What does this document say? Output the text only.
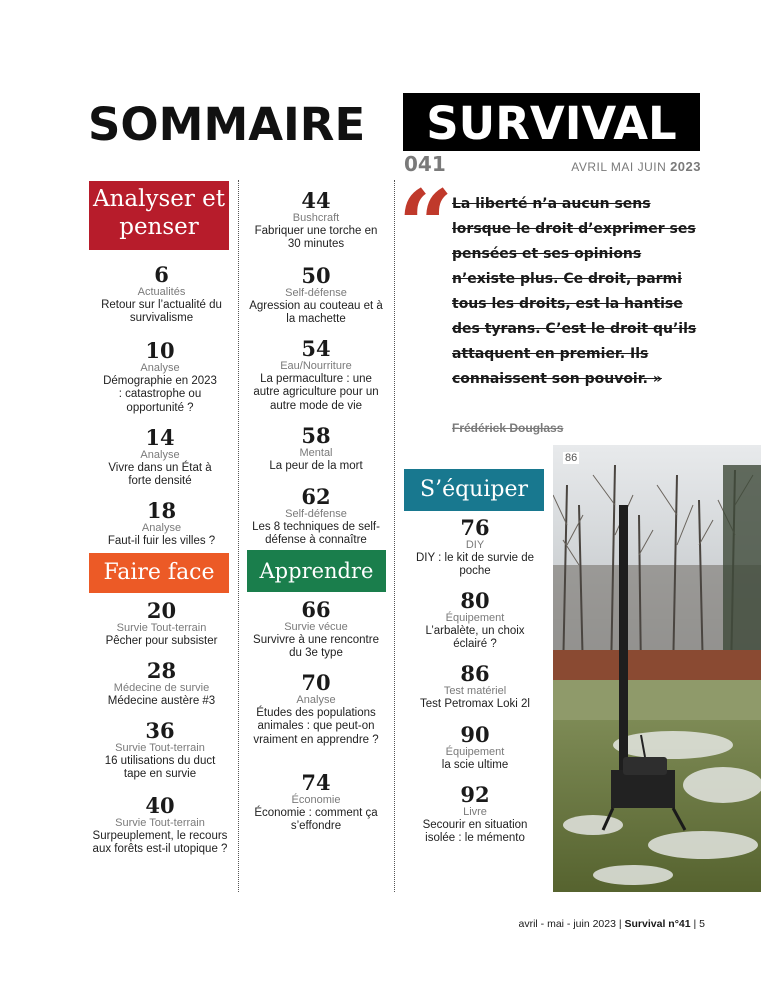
SOMMAIRE	SURVIVAL
041	AVRIL MAI JUIN 2023
Analyser et penser
6
Actualités
Retour sur l’actualité du survivalisme
10
Analyse
Démographie en 2023 : catastrophe ou opportunité ?
14
Analyse
Vivre dans un État à forte densité
18
Analyse
Faut-il fuir les villes ?
Faire face
20
Survie Tout-terrain
Pêcher pour subsister
28
Médecine de survie
Médecine austère #3
36
Survie Tout-terrain
16 utilisations du duct tape en survie
40
Survie Tout-terrain
Surpeuplement, le recours aux forêts est-il utopique ?
44
Bushcraft
Fabriquer une torche en 30 minutes
50
Self-défense
Agression au couteau et à la machette
54
Eau/Nourriture
La permaculture : une autre agriculture pour un autre mode de vie
58
Mental
La peur de la mort
62
Self-défense
Les 8 techniques de self-défense à connaître
Apprendre
66
Survie vécue
Survivre à une rencontre du 3e type
70
Analyse
Études des populations animales : que peut-on vraiment en apprendre ?
74
Économie
Économie : comment ça s’effondre
“
La liberté n’a aucun sens lorsque le droit d’exprimer ses pensées et ses opinions n’existe plus. Ce droit, parmi tous les droits, est la hantise des tyrans. C’est le droit qu’ils attaquent en premier. Ils connaissent son pouvoir. »
Frédérick Douglass
S’équiper
76
DIY
DIY : le kit de survie de poche
80
Équipement
L’arbalète, un choix éclairé ?
86
Test matériel
Test Petromax Loki 2l
90
Équipement
la scie ultime
92
Livre
Secourir en situation isolée : le mémento
86
avril - mai - juin 2023 | Survival n°41 | 5
